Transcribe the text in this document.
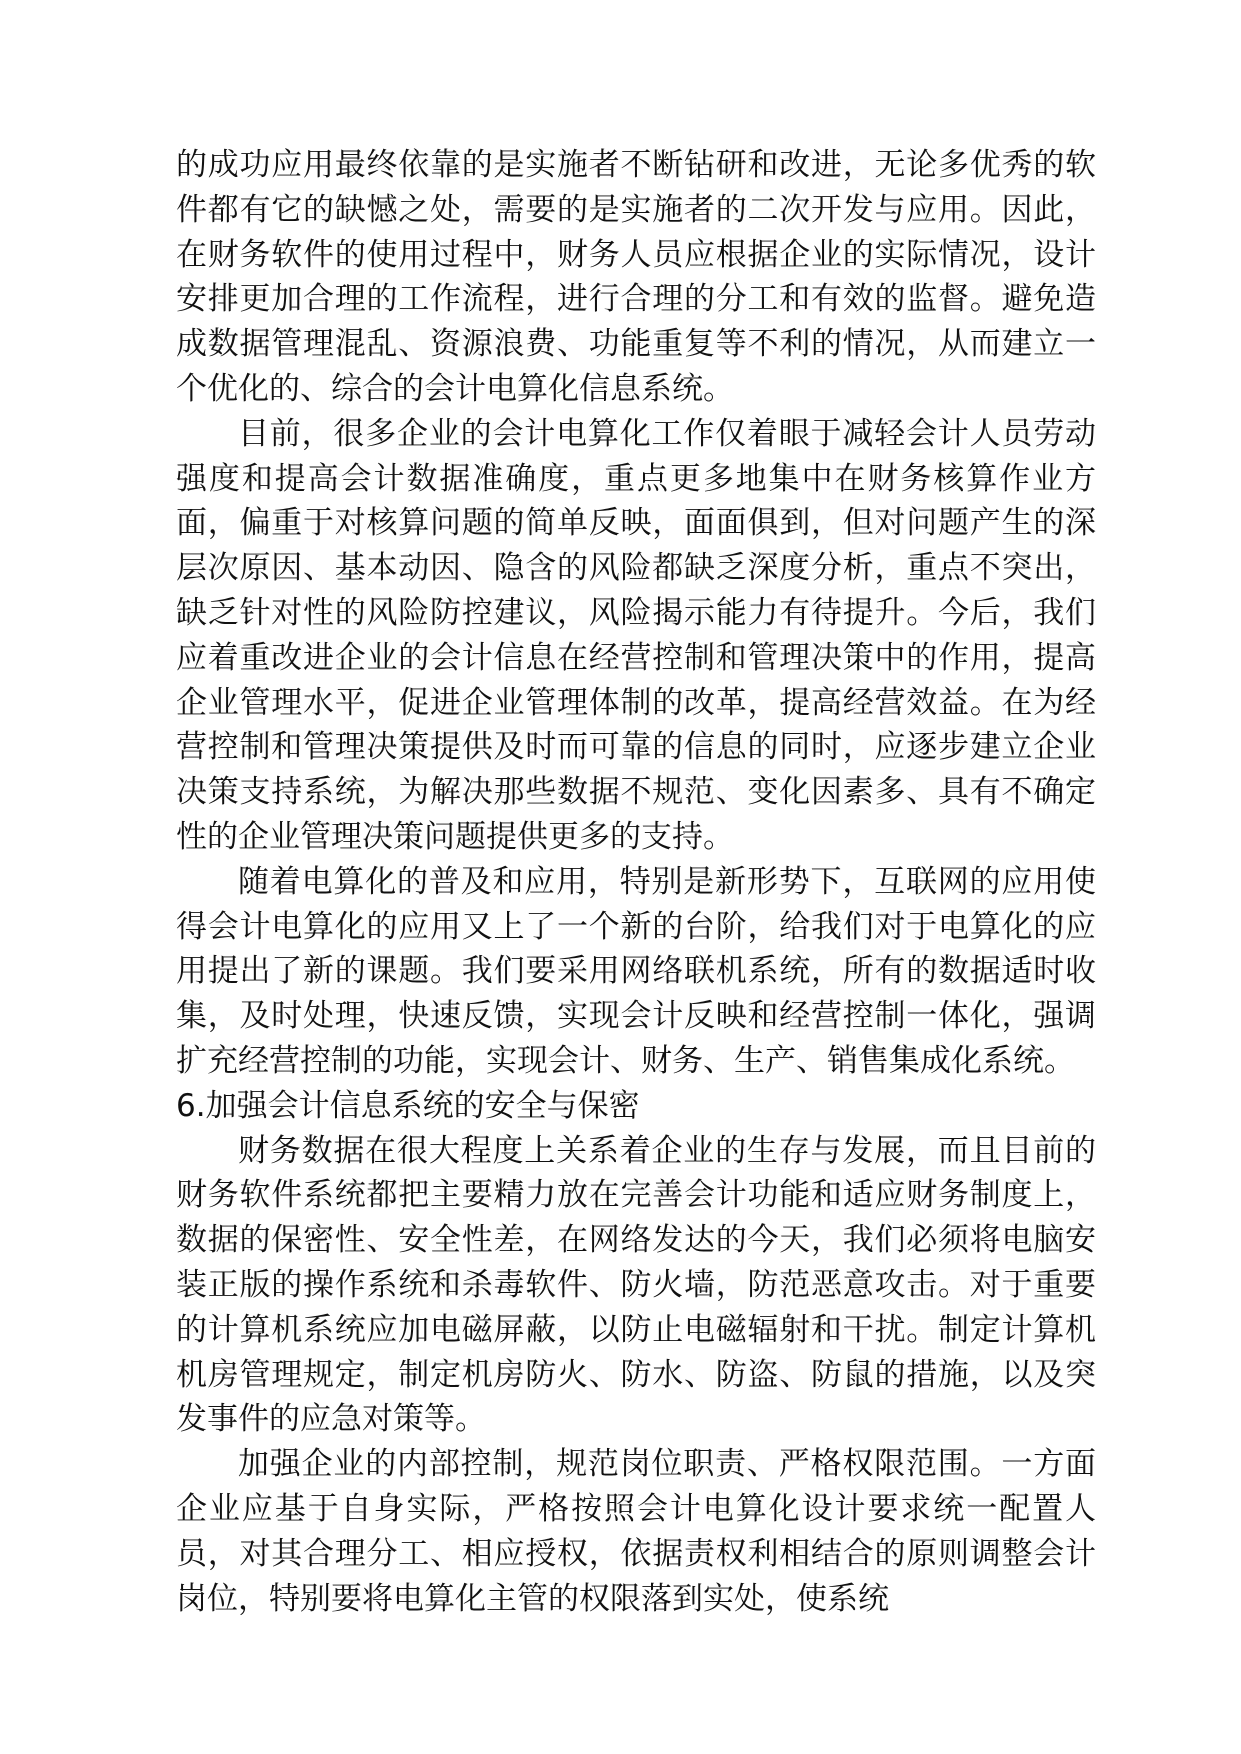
的成功应用最终依靠的是实施者不断钻研和改进，无论多优秀的软件都有它的缺憾之处，需要的是实施者的二次开发与应用。因此，在财务软件的使用过程中，财务人员应根据企业的实际情况，设计安排更加合理的工作流程，进行合理的分工和有效的监督。避免造成数据管理混乱、资源浪费、功能重复等不利的情况，从而建立一个优化的、综合的会计电算化信息系统。

目前，很多企业的会计电算化工作仅着眼于减轻会计人员劳动强度和提高会计数据准确度，重点更多地集中在财务核算作业方面，偏重于对核算问题的简单反映，面面俱到，但对问题产生的深层次原因、基本动因、隐含的风险都缺乏深度分析，重点不突出，缺乏针对性的风险防控建议，风险揭示能力有待提升。今后，我们应着重改进企业的会计信息在经营控制和管理决策中的作用，提高企业管理水平，促进企业管理体制的改革，提高经营效益。在为经营控制和管理决策提供及时而可靠的信息的同时，应逐步建立企业决策支持系统，为解决那些数据不规范、变化因素多、具有不确定性的企业管理决策问题提供更多的支持。

随着电算化的普及和应用，特别是新形势下，互联网的应用使得会计电算化的应用又上了一个新的台阶，给我们对于电算化的应用提出了新的课题。我们要采用网络联机系统，所有的数据适时收集，及时处理，快速反馈，实现会计反映和经营控制一体化，强调扩充经营控制的功能，实现会计、财务、生产、销售集成化系统。

6.加强会计信息系统的安全与保密

财务数据在很大程度上关系着企业的生存与发展，而且目前的财务软件系统都把主要精力放在完善会计功能和适应财务制度上，数据的保密性、安全性差，在网络发达的今天，我们必须将电脑安装正版的操作系统和杀毒软件、防火墙，防范恶意攻击。对于重要的计算机系统应加电磁屏蔽，以防止电磁辐射和干扰。制定计算机机房管理规定，制定机房防火、防水、防盗、防鼠的措施，以及突发事件的应急对策等。

加强企业的内部控制，规范岗位职责、严格权限范围。一方面企业应基于自身实际，严格按照会计电算化设计要求统一配置人员，对其合理分工、相应授权，依据责权利相结合的原则调整会计岗位，特别要将电算化主管的权限落到实处，使系统
